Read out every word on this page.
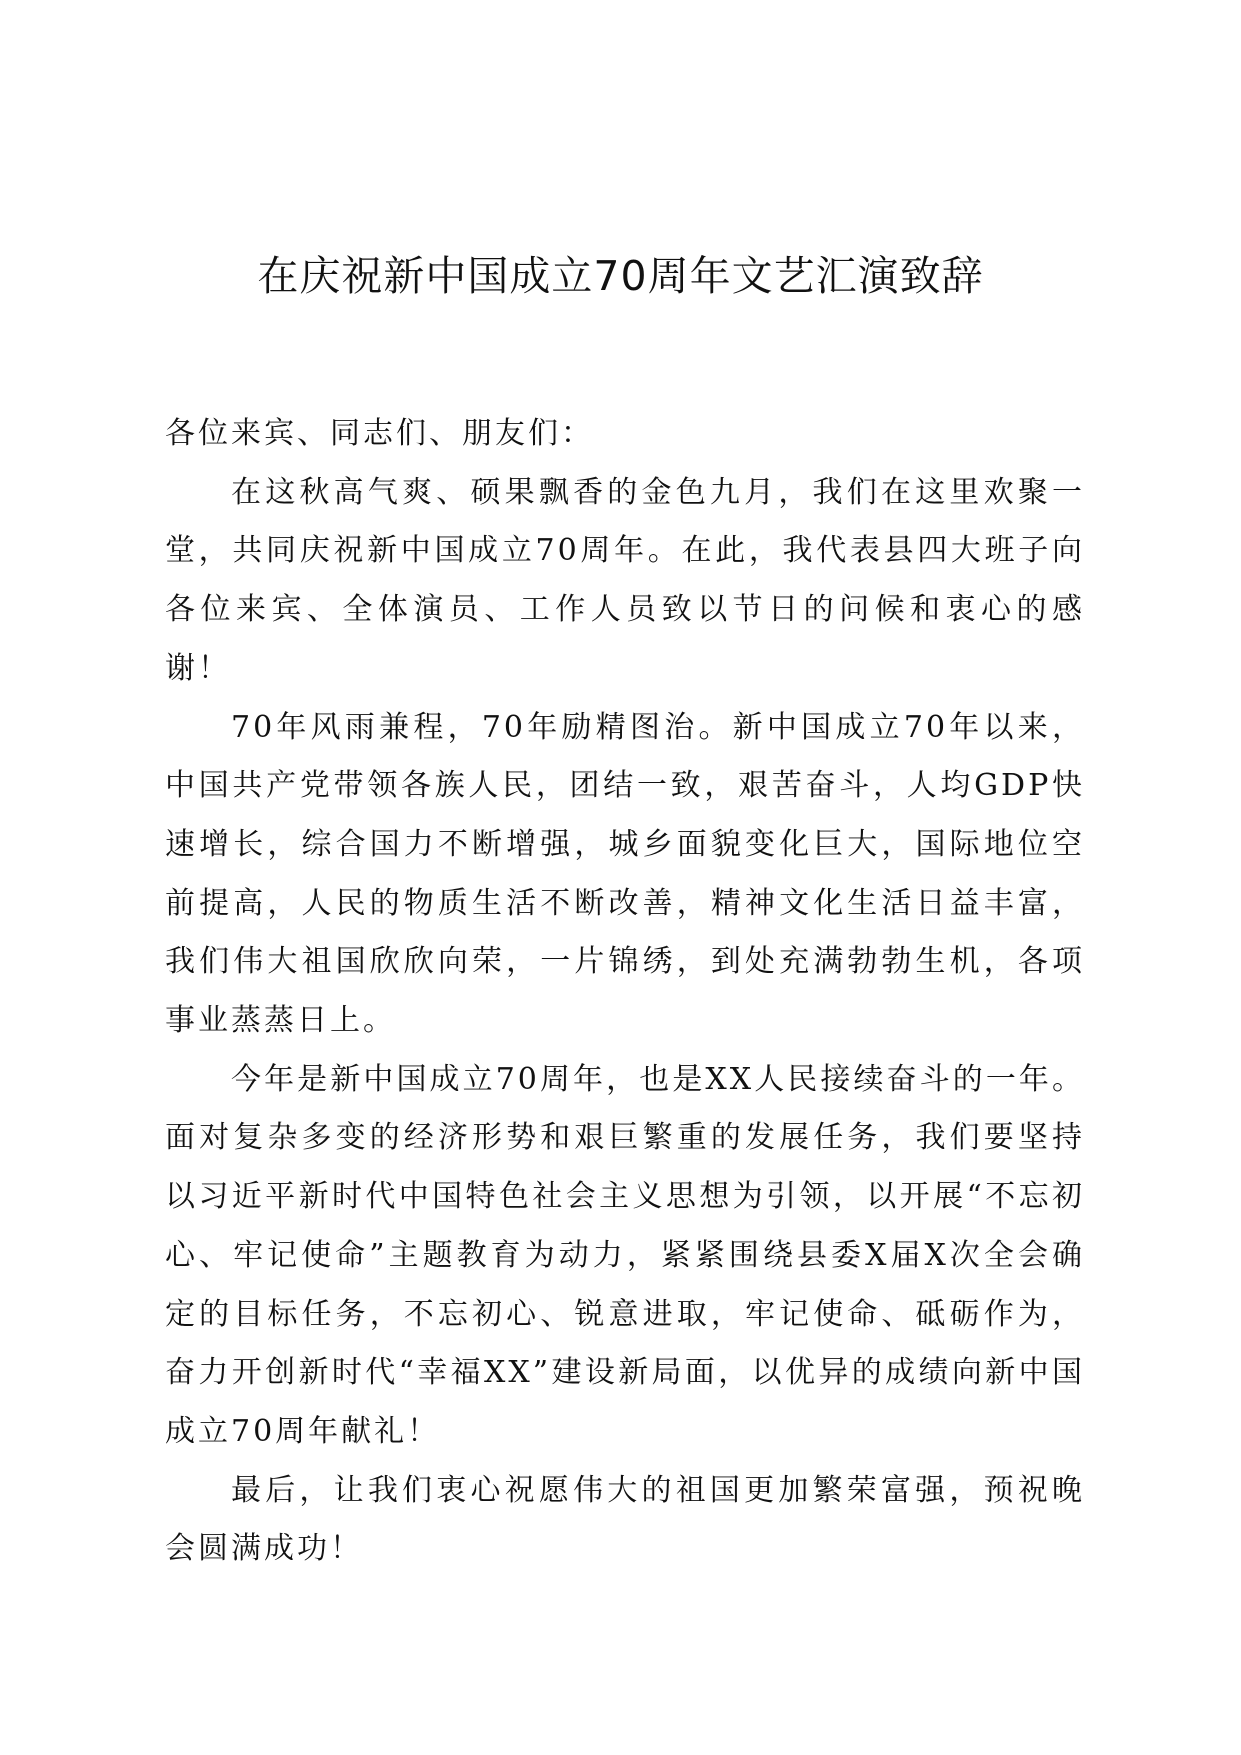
在庆祝新中国成立70周年文艺汇演致辞

各位来宾、同志们、朋友们：

在这秋高气爽、硕果飘香的金色九月，我们在这里欢聚一堂，共同庆祝新中国成立70周年。在此，我代表县四大班子向各位来宾、全体演员、工作人员致以节日的问候和衷心的感谢！

70年风雨兼程，70年励精图治。新中国成立70年以来，中国共产党带领各族人民，团结一致，艰苦奋斗，人均GDP快速增长，综合国力不断增强，城乡面貌变化巨大，国际地位空前提高，人民的物质生活不断改善，精神文化生活日益丰富，我们伟大祖国欣欣向荣，一片锦绣，到处充满勃勃生机，各项事业蒸蒸日上。

今年是新中国成立70周年，也是XX人民接续奋斗的一年。面对复杂多变的经济形势和艰巨繁重的发展任务，我们要坚持以习近平新时代中国特色社会主义思想为引领，以开展“不忘初心、牢记使命”主题教育为动力，紧紧围绕县委X届X次全会确定的目标任务，不忘初心、锐意进取，牢记使命、砥砺作为，奋力开创新时代“幸福XX”建设新局面，以优异的成绩向新中国成立70周年献礼！

最后，让我们衷心祝愿伟大的祖国更加繁荣富强，预祝晚会圆满成功！
